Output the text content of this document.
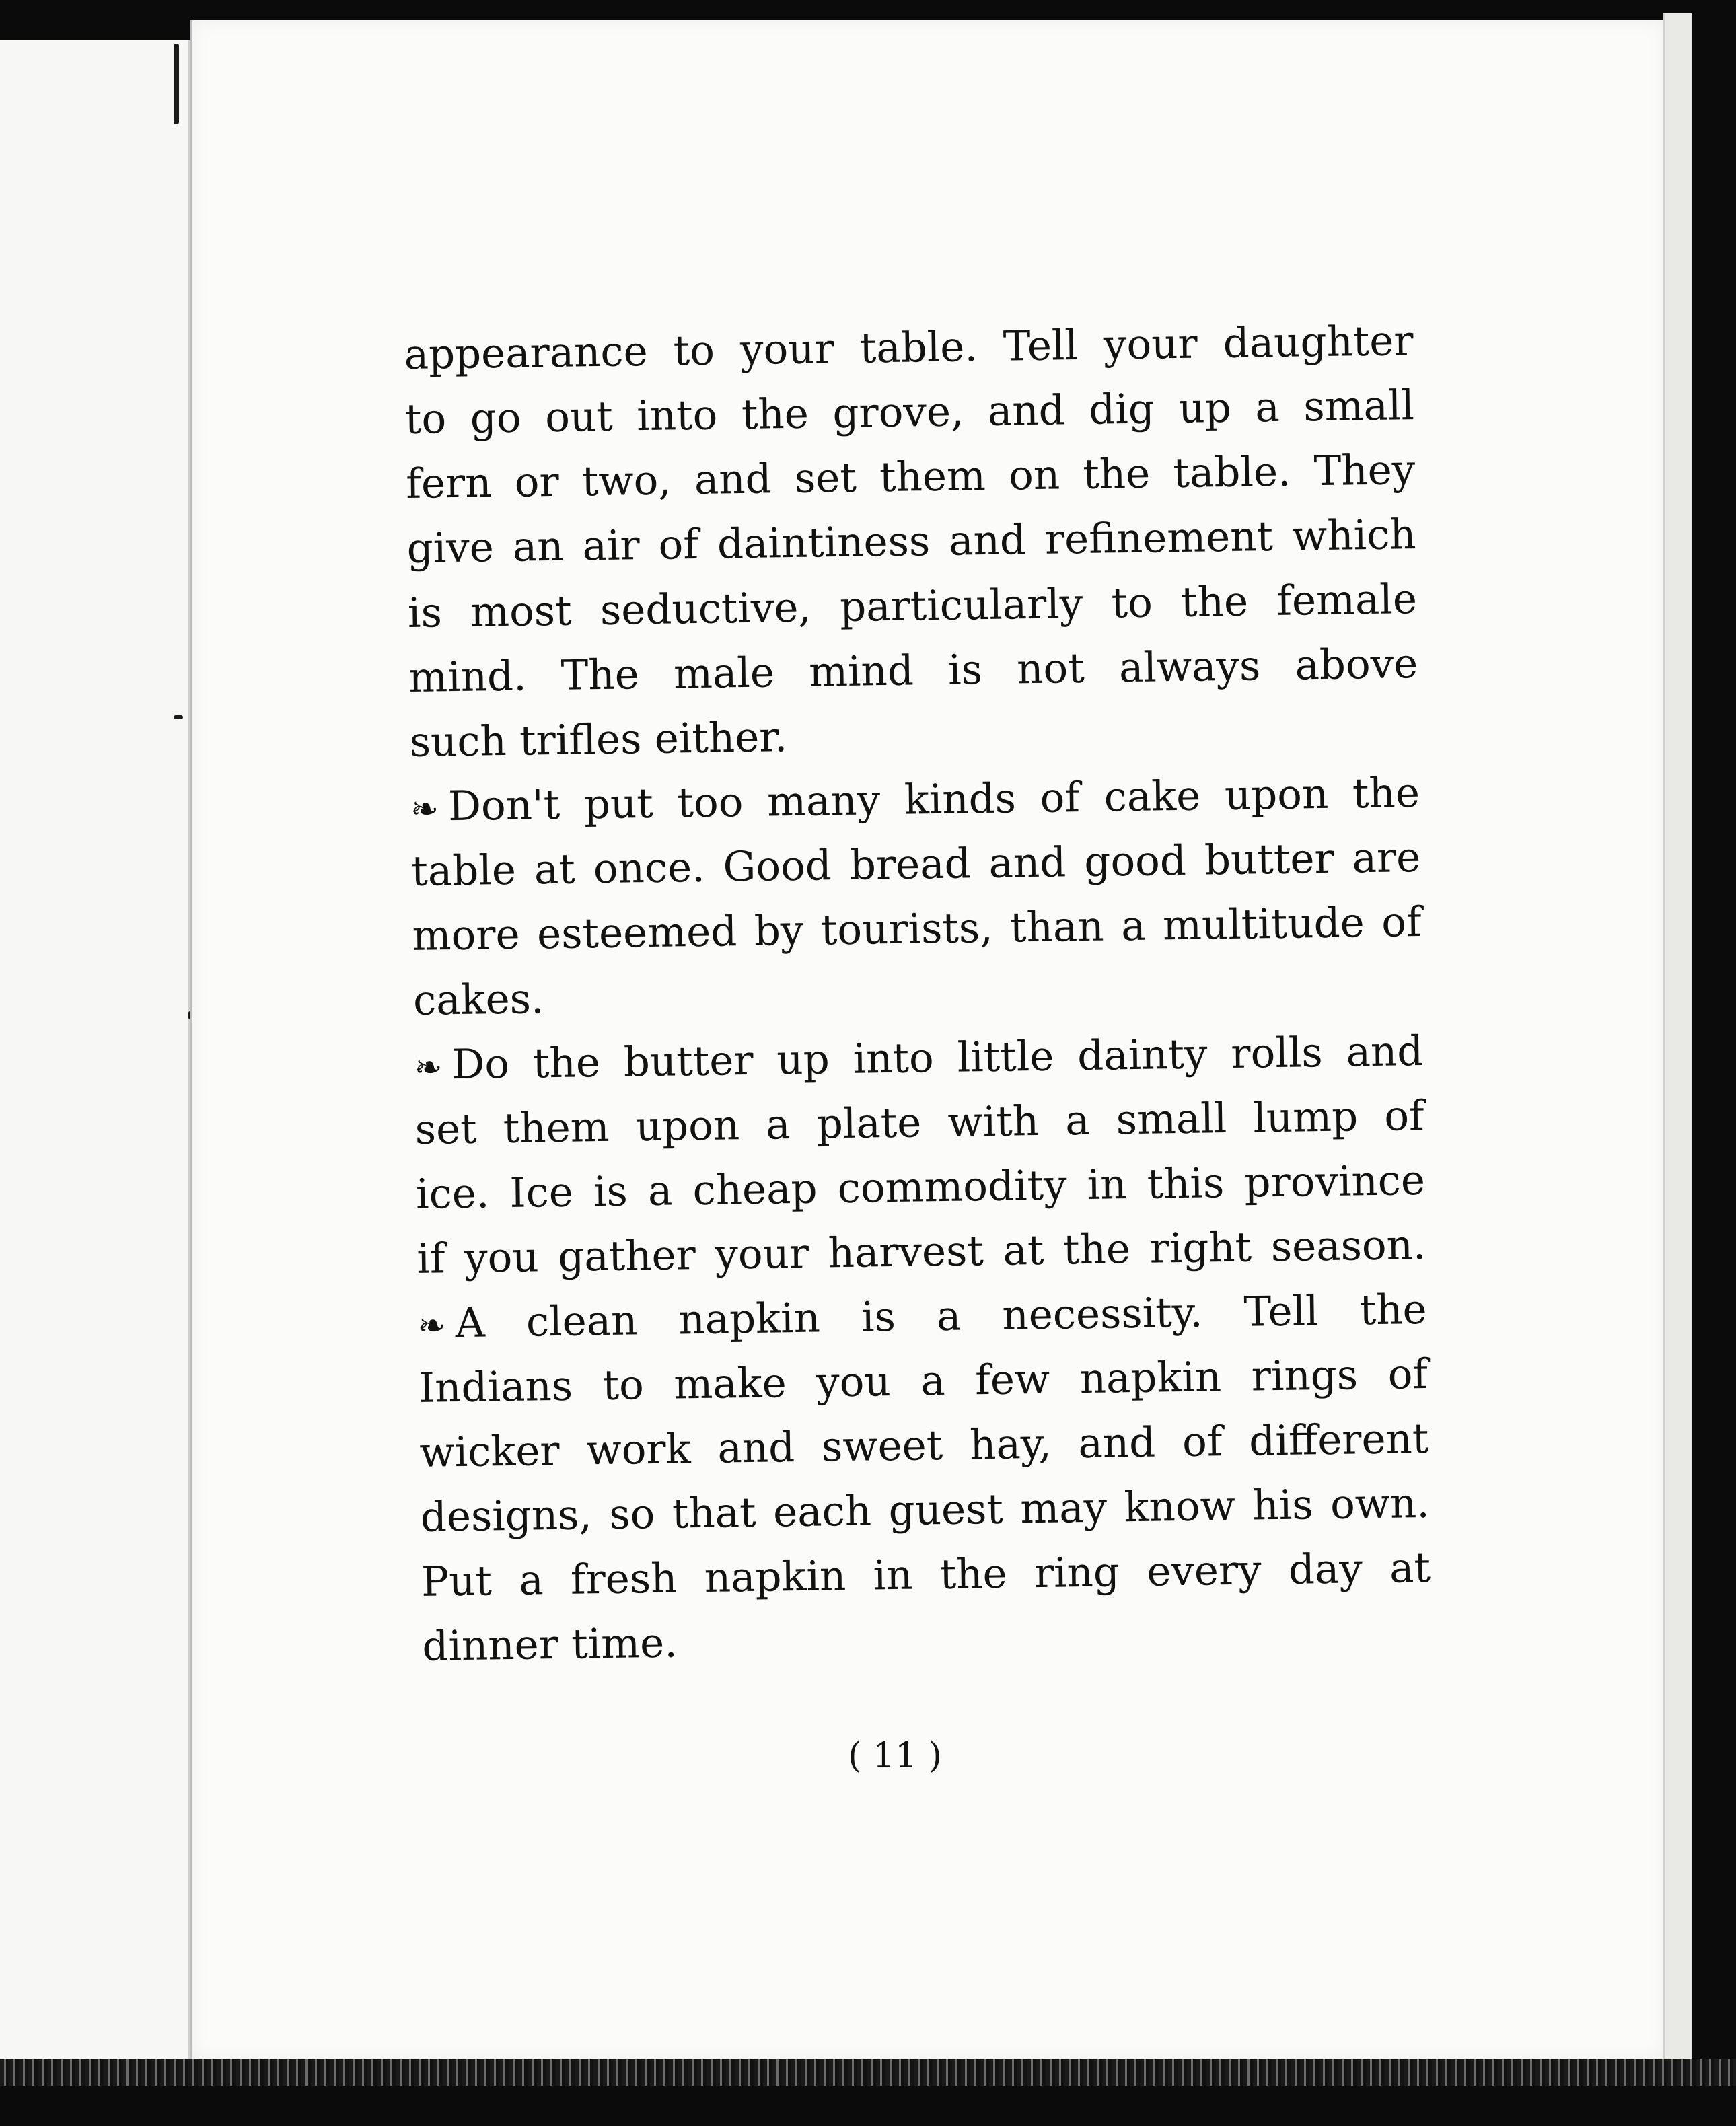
appearance to your table. Tell your daughter
to go out into the grove, and dig up a small
fern or two, and set them on the table. They
give an air of daintiness and refinement which
is most seductive, particularly to the female
mind. The male mind is not always above
such trifles either.
❧ Don't put too many kinds of cake upon the
table at once. Good bread and good butter are
more esteemed by tourists, than a multitude of
cakes.
❧ Do the butter up into little dainty rolls and
set them upon a plate with a small lump of
ice. Ice is a cheap commodity in this province
if you gather your harvest at the right season.
❧ A clean napkin is a necessity. Tell the
Indians to make you a few napkin rings of
wicker work and sweet hay, and of different
designs, so that each guest may know his own.
Put a fresh napkin in the ring every day at
dinner time.
( 11 )
